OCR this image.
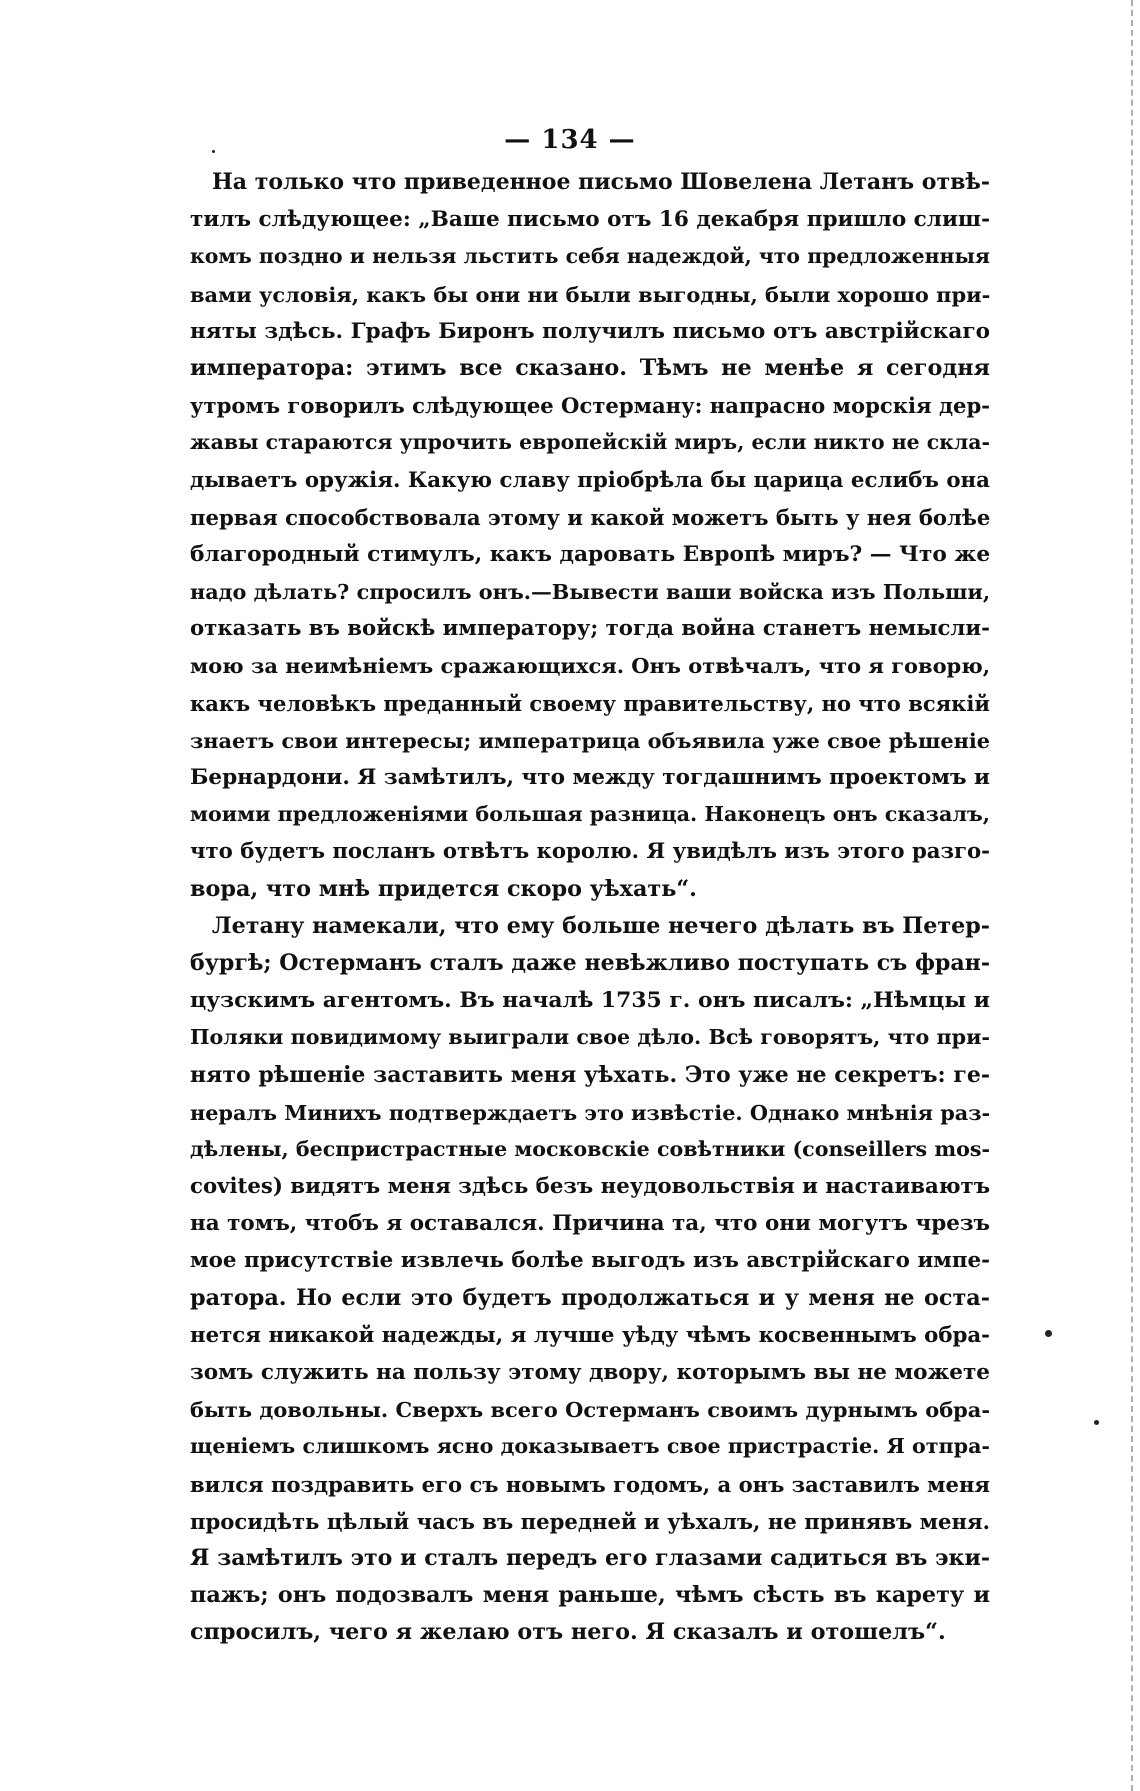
— 134 —
На только что приведенное письмо Шовелена Летанъ отвѣ-
тилъ слѣдующее: „Ваше письмо отъ 16 декабря пришло слиш-
комъ поздно и нельзя льстить себя надеждой, что предложенныя
вами условія, какъ бы они ни были выгодны, были хорошо при-
няты здѣсь. Графъ Биронъ получилъ письмо отъ австрійскаго
императора: этимъ все сказано. Тѣмъ не менѣе я сегодня
утромъ говорилъ слѣдующее Остерману: напрасно морскія дер-
жавы стараются упрочить европейскій миръ, если никто не скла-
дываетъ оружія. Какую славу пріобрѣла бы царица еслибъ она
первая способствовала этому и какой можетъ быть у нея болѣе
благородный стимулъ, какъ даровать Европѣ миръ? — Что же
надо дѣлать? спросилъ онъ.—Вывести ваши войска изъ Польши,
отказать въ войскѣ императору; тогда война станетъ немысли-
мою за неимѣніемъ сражающихся. Онъ отвѣчалъ, что я говорю,
какъ человѣкъ преданный своему правительству, но что всякій
знаетъ свои интересы; императрица объявила уже свое рѣшеніе
Бернардони. Я замѣтилъ, что между тогдашнимъ проектомъ и
моими предложеніями большая разница. Наконецъ онъ сказалъ,
что будетъ посланъ отвѣтъ королю. Я увидѣлъ изъ этого разго-
вора, что мнѣ придется скоро уѣхать“.
Летану намекали, что ему больше нечего дѣлать въ Петер-
бургѣ; Остерманъ сталъ даже невѣжливо поступать съ фран-
цузскимъ агентомъ. Въ началѣ 1735 г. онъ писалъ: „Нѣмцы и
Поляки повидимому выиграли свое дѣло. Всѣ говорятъ, что при-
нято рѣшеніе заставить меня уѣхать. Это уже не секретъ: ге-
нералъ Минихъ подтверждаетъ это извѣстіе. Однако мнѣнія раз-
дѣлены, беспристрастные московскіе совѣтники (conseillers mos-
covites) видятъ меня здѣсь безъ неудовольствія и настаиваютъ
на томъ, чтобъ я оставался. Причина та, что они могутъ чрезъ
мое присутствіе извлечь болѣе выгодъ изъ австрійскаго импе-
ратора. Но если это будетъ продолжаться и у меня не оста-
нется никакой надежды, я лучше уѣду чѣмъ косвеннымъ обра-
зомъ служить на пользу этому двору, которымъ вы не можете
быть довольны. Сверхъ всего Остерманъ своимъ дурнымъ обра-
щеніемъ слишкомъ ясно доказываетъ свое пристрастіе. Я отпра-
вился поздравить его съ новымъ годомъ, а онъ заставилъ меня
просидѣть цѣлый часъ въ передней и уѣхалъ, не принявъ меня.
Я замѣтилъ это и сталъ передъ его глазами садиться въ эки-
пажъ; онъ подозвалъ меня раньше, чѣмъ сѣсть въ карету и
спросилъ, чего я желаю отъ него. Я сказалъ и отошелъ“.
